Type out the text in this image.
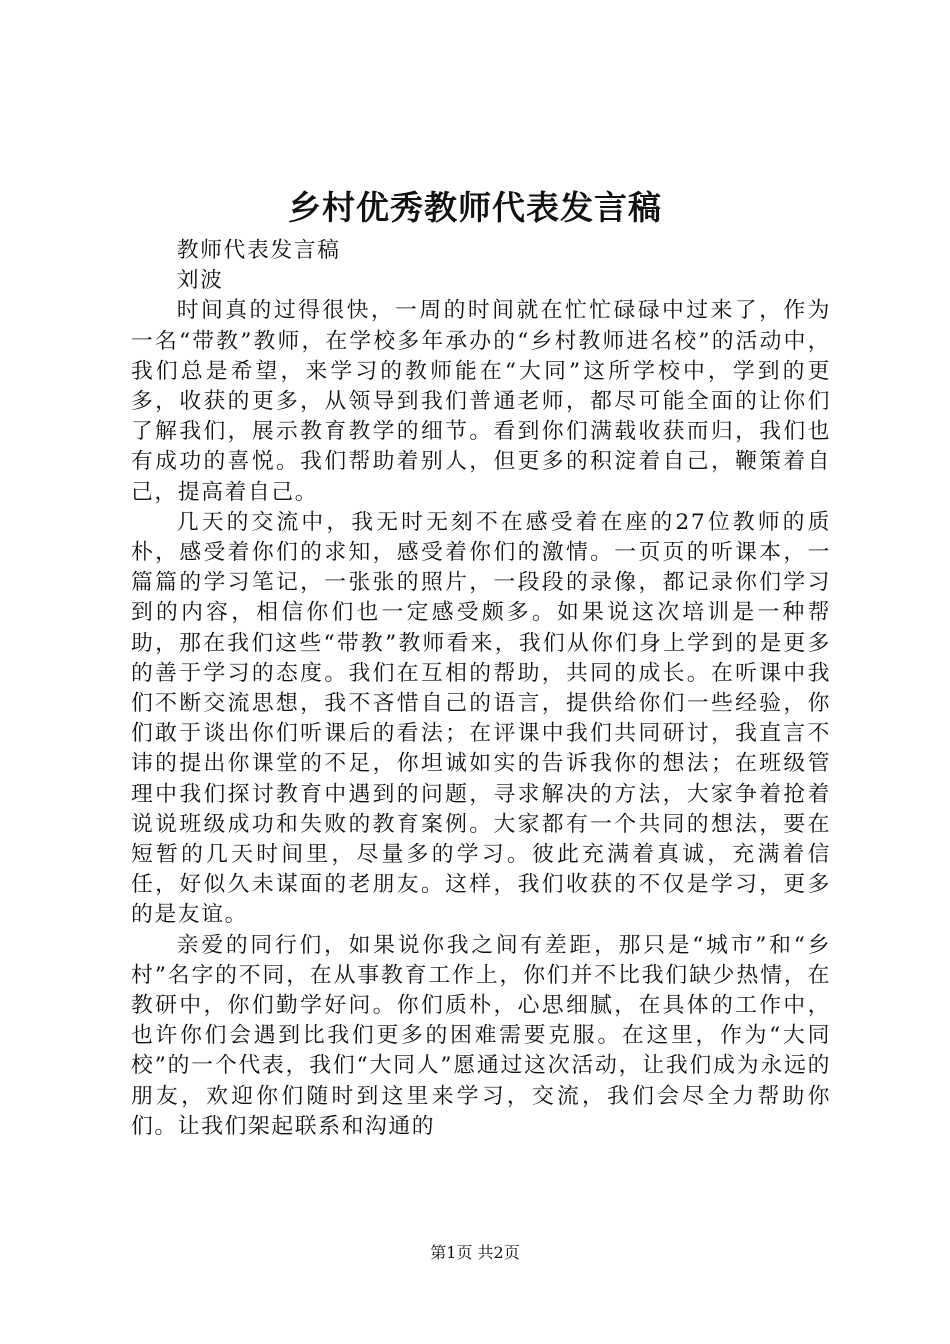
乡村优秀教师代表发言稿

教师代表发言稿

刘波

时间真的过得很快，一周的时间就在忙忙碌碌中过来了，作为一名“带教”教师，在学校多年承办的“乡村教师进名校”的活动中，我们总是希望，来学习的教师能在“大同”这所学校中，学到的更多，收获的更多，从领导到我们普通老师，都尽可能全面的让你们了解我们，展示教育教学的细节。看到你们满载收获而归，我们也有成功的喜悦。我们帮助着别人，但更多的积淀着自己，鞭策着自己，提高着自己。

几天的交流中，我无时无刻不在感受着在座的27位教师的质朴，感受着你们的求知，感受着你们的激情。一页页的听课本，一篇篇的学习笔记，一张张的照片，一段段的录像，都记录你们学习到的内容，相信你们也一定感受颇多。如果说这次培训是一种帮助，那在我们这些“带教”教师看来，我们从你们身上学到的是更多的善于学习的态度。我们在互相的帮助，共同的成长。在听课中我们不断交流思想，我不吝惜自己的语言，提供给你们一些经验，你们敢于谈出你们听课后的看法；在评课中我们共同研讨，我直言不讳的提出你课堂的不足，你坦诚如实的告诉我你的想法；在班级管理中我们探讨教育中遇到的问题，寻求解决的方法，大家争着抢着说说班级成功和失败的教育案例。大家都有一个共同的想法，要在短暂的几天时间里，尽量多的学习。彼此充满着真诚，充满着信任，好似久未谋面的老朋友。这样，我们收获的不仅是学习，更多的是友谊。

亲爱的同行们，如果说你我之间有差距，那只是“城市”和“乡村”名字的不同，在从事教育工作上，你们并不比我们缺少热情，在教研中，你们勤学好问。你们质朴，心思细腻，在具体的工作中，也许你们会遇到比我们更多的困难需要克服。在这里，作为“大同校”的一个代表，我们“大同人”愿通过这次活动，让我们成为永远的朋友，欢迎你们随时到这里来学习，交流，我们会尽全力帮助你们。让我们架起联系和沟通的

第1页 共2页
